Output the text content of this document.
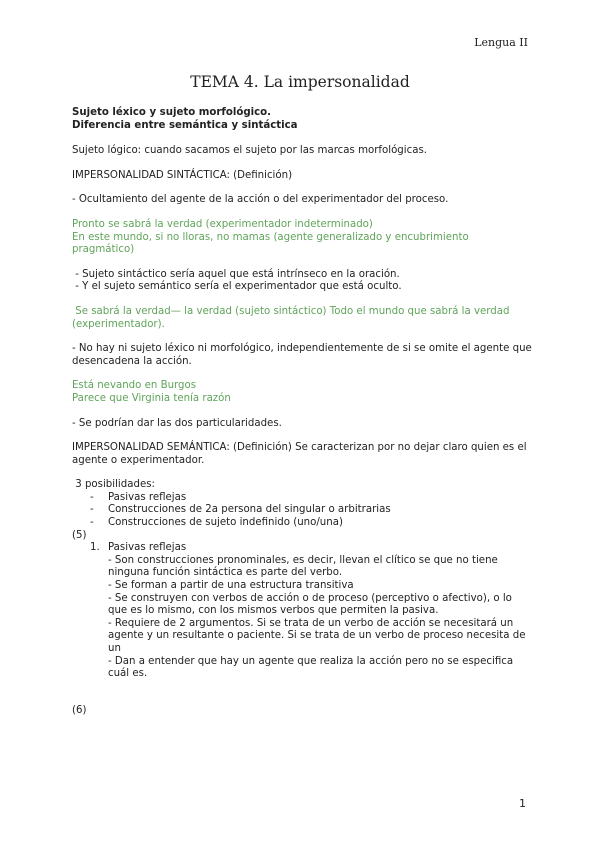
Lengua II
TEMA 4. La impersonalidad

Sujeto léxico y sujeto morfológico.

Diferencia entre semántica y sintáctica

Sujeto lógico: cuando sacamos el sujeto por las marcas morfológicas.

IMPERSONALIDAD SINTÁCTICA: (Definición)

- Ocultamiento del agente de la acción o del experimentador del proceso.

Pronto se sabrá la verdad (experimentador indeterminado)

En este mundo, si no lloras, no mamas (agente generalizado y encubrimiento pragmático)

- Sujeto sintáctico sería aquel que está intrínseco en la oración.

- Y el sujeto semántico sería el experimentador que está oculto.

Se sabrá la verdad— la verdad (sujeto sintáctico) Todo el mundo que sabrá la verdad (experimentador).

- No hay ni sujeto léxico ni morfológico, independientemente de si se omite el agente que desencadena la acción.

Está nevando en Burgos

Parece que Virginia tenía razón

- Se podrían dar las dos particularidades.

IMPERSONALIDAD SEMÁNTICA: (Definición) Se caracterizan por no dejar claro quien es el agente o experimentador.

3 posibilidades:

- Pasivas reflejas
- Construcciones de 2a persona del singular o arbitrarias
- Construcciones de sujeto indefinido (uno/una)

(5)

1. Pasivas reflejas

- Son construcciones pronominales, es decir, llevan el clítico se que no tiene ninguna función sintáctica es parte del verbo.

- Se forman a partir de una estructura transitiva

- Se construyen con verbos de acción o de proceso (perceptivo o afectivo), o lo que es lo mismo, con los mismos verbos que permiten la pasiva.

- Requiere de 2 argumentos. Si se trata de un verbo de acción se necesitará un agente y un resultante o paciente. Si se trata de un verbo de proceso necesita de un

- Dan a entender que hay un agente que realiza la acción pero no se especifica cuál es.

(6)

1
